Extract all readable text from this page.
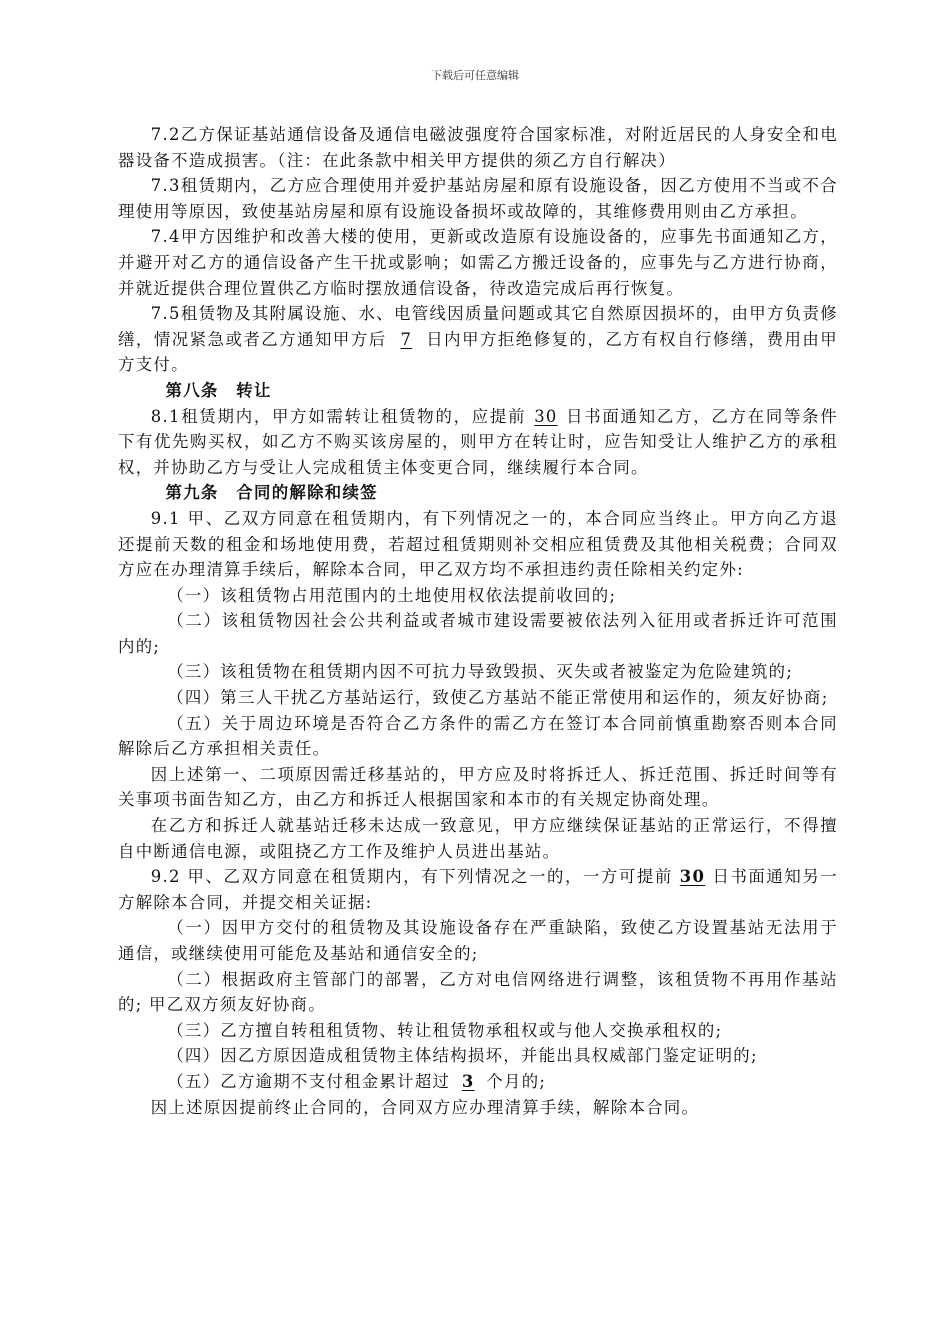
下载后可任意编辑

7.2乙方保证基站通信设备及通信电磁波强度符合国家标准，对附近居民的人身安全和电器设备不造成损害。（注：在此条款中相关甲方提供的须乙方自行解决）

7.3租赁期内，乙方应合理使用并爱护基站房屋和原有设施设备，因乙方使用不当或不合理使用等原因，致使基站房屋和原有设施设备损坏或故障的，其维修费用则由乙方承担。

7.4甲方因维护和改善大楼的使用，更新或改造原有设施设备的，应事先书面通知乙方，并避开对乙方的通信设备产生干扰或影响；如需乙方搬迁设备的，应事先与乙方进行协商，并就近提供合理位置供乙方临时摆放通信设备，待改造完成后再行恢复。

7.5租赁物及其附属设施、水、电管线因质量问题或其它自然原因损坏的，由甲方负责修缮，情况紧急或者乙方通知甲方后 7 日内甲方拒绝修复的，乙方有权自行修缮，费用由甲方支付。

第八条　转让

8.1租赁期内，甲方如需转让租赁物的，应提前 30 日书面通知乙方，乙方在同等条件下有优先购买权，如乙方不购买该房屋的，则甲方在转让时，应告知受让人维护乙方的承租权，并协助乙方与受让人完成租赁主体变更合同，继续履行本合同。

第九条　合同的解除和续签

9.1 甲、乙双方同意在租赁期内，有下列情况之一的，本合同应当终止。甲方向乙方退还提前天数的租金和场地使用费，若超过租赁期则补交相应租赁费及其他相关税费；合同双方应在办理清算手续后，解除本合同，甲乙双方均不承担违约责任除相关约定外:

（一）该租赁物占用范围内的土地使用权依法提前收回的;

（二）该租赁物因社会公共利益或者城市建设需要被依法列入征用或者拆迁许可范围内的;

（三）该租赁物在租赁期内因不可抗力导致毁损、灭失或者被鉴定为危险建筑的;

（四）第三人干扰乙方基站运行，致使乙方基站不能正常使用和运作的，须友好协商;

（五）关于周边环境是否符合乙方条件的需乙方在签订本合同前慎重勘察否则本合同解除后乙方承担相关责任。

因上述第一、二项原因需迁移基站的，甲方应及时将拆迁人、拆迁范围、拆迁时间等有关事项书面告知乙方，由乙方和拆迁人根据国家和本市的有关规定协商处理。

在乙方和拆迁人就基站迁移未达成一致意见，甲方应继续保证基站的正常运行，不得擅自中断通信电源，或阻挠乙方工作及维护人员进出基站。

9.2 甲、乙双方同意在租赁期内，有下列情况之一的，一方可提前 30 日书面通知另一方解除本合同，并提交相关证据:

（一）因甲方交付的租赁物及其设施设备存在严重缺陷，致使乙方设置基站无法用于通信，或继续使用可能危及基站和通信安全的;

（二）根据政府主管部门的部署，乙方对电信网络进行调整，该租赁物不再用作基站的; 甲乙双方须友好协商。

（三）乙方擅自转租租赁物、转让租赁物承租权或与他人交换承租权的;

（四）因乙方原因造成租赁物主体结构损坏，并能出具权威部门鉴定证明的;

（五）乙方逾期不支付租金累计超过 3 个月的;

因上述原因提前终止合同的，合同双方应办理清算手续，解除本合同。
